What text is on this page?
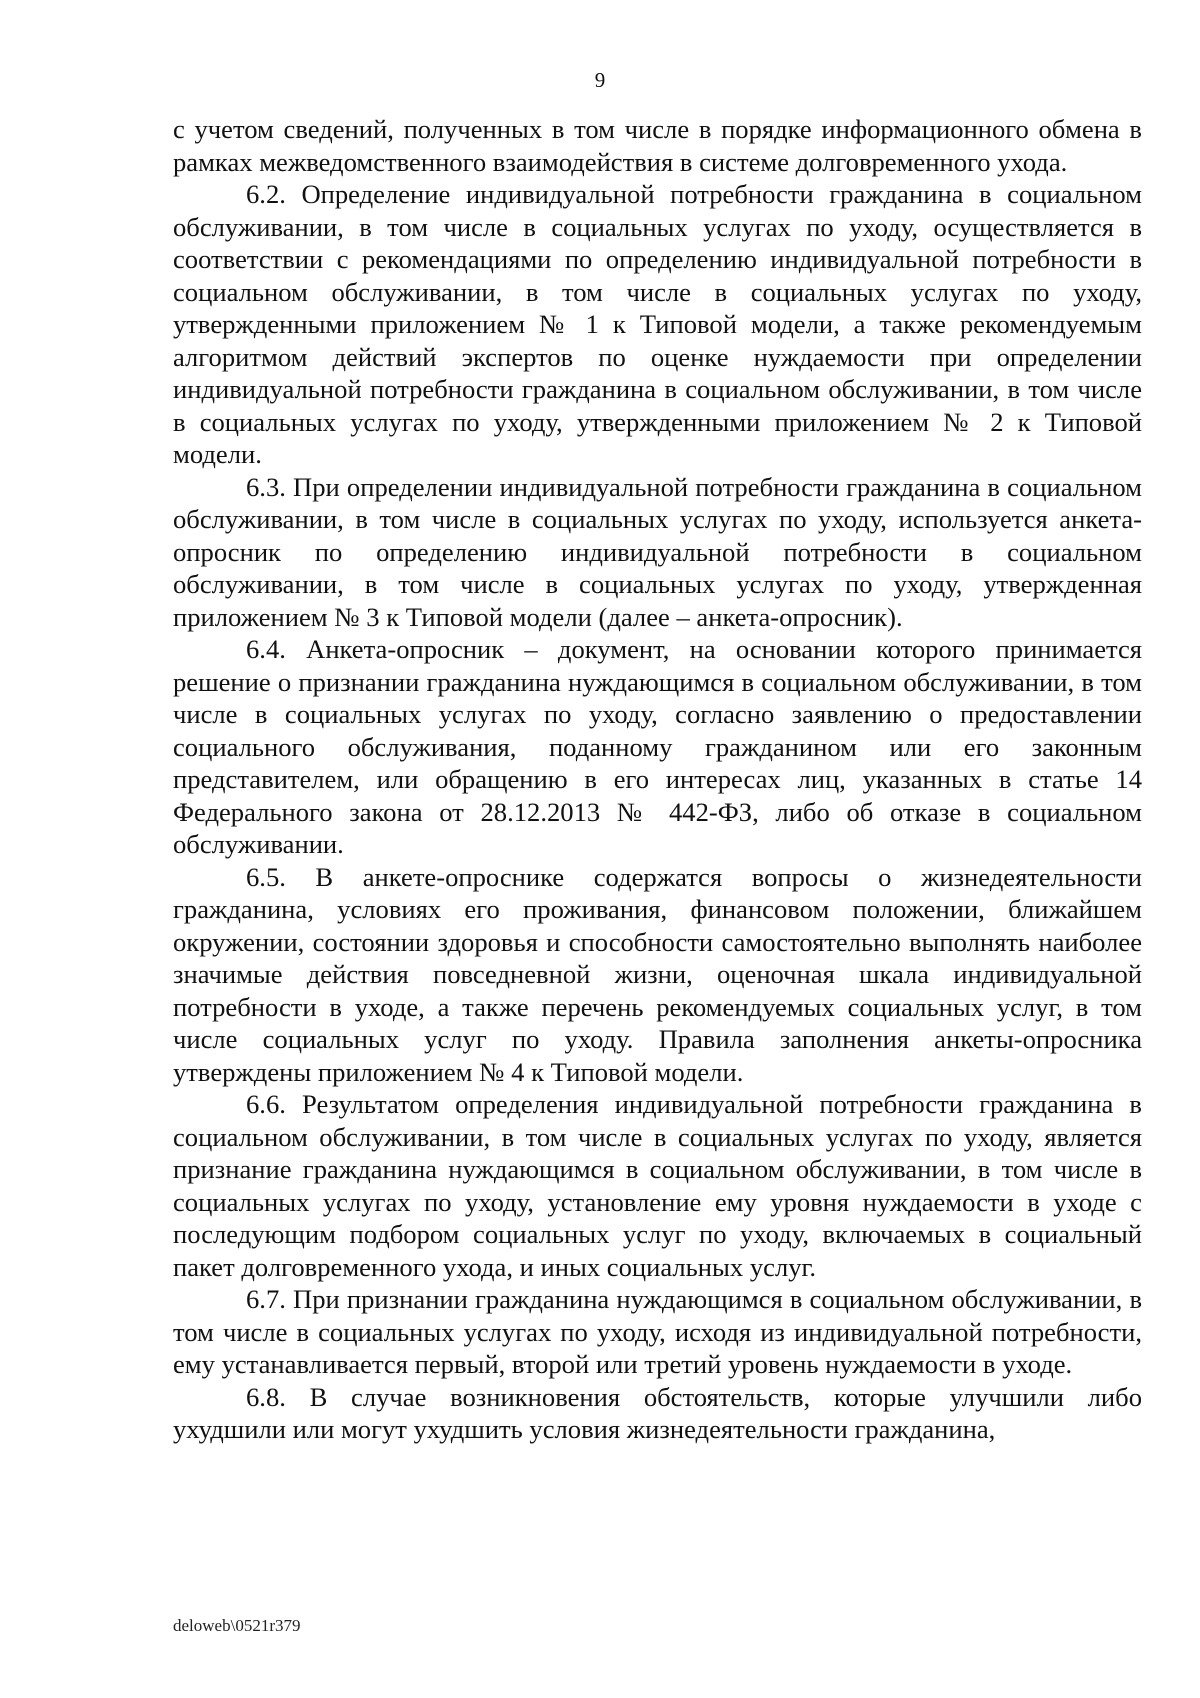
9

с учетом сведений, полученных в том числе в порядке информационного обмена в рамках межведомственного взаимодействия в системе долговременного ухода.

6.2. Определение индивидуальной потребности гражданина в социальном обслуживании, в том числе в социальных услугах по уходу, осуществляется в соответствии с рекомендациями по определению индивидуальной потребности в социальном обслуживании, в том числе в социальных услугах по уходу, утвержденными приложением № 1 к Типовой модели, а также рекомендуемым алгоритмом действий экспертов по оценке нуждаемости при определении индивидуальной потребности гражданина в социальном обслуживании, в том числе в социальных услугах по уходу, утвержденными приложением № 2 к Типовой модели.

6.3. При определении индивидуальной потребности гражданина в социальном обслуживании, в том числе в социальных услугах по уходу, используется анкета-опросник по определению индивидуальной потребности в социальном обслуживании, в том числе в социальных услугах по уходу, утвержденная приложением № 3 к Типовой модели (далее – анкета-опросник).

6.4. Анкета-опросник – документ, на основании которого принимается решение о признании гражданина нуждающимся в социальном обслуживании, в том числе в социальных услугах по уходу, согласно заявлению о предоставлении социального обслуживания, поданному гражданином или его законным представителем, или обращению в его интересах лиц, указанных в статье 14 Федерального закона от 28.12.2013 № 442-ФЗ, либо об отказе в социальном обслуживании.

6.5. В анкете-опроснике содержатся вопросы о жизнедеятельности гражданина, условиях его проживания, финансовом положении, ближайшем окружении, состоянии здоровья и способности самостоятельно выполнять наиболее значимые действия повседневной жизни, оценочная шкала индивидуальной потребности в уходе, а также перечень рекомендуемых социальных услуг, в том числе социальных услуг по уходу. Правила заполнения анкеты-опросника утверждены приложением № 4 к Типовой модели.

6.6. Результатом определения индивидуальной потребности гражданина в социальном обслуживании, в том числе в социальных услугах по уходу, является признание гражданина нуждающимся в социальном обслуживании, в том числе в социальных услугах по уходу, установление ему уровня нуждаемости в уходе с последующим подбором социальных услуг по уходу, включаемых в социальный пакет долговременного ухода, и иных социальных услуг.

6.7. При признании гражданина нуждающимся в социальном обслуживании, в том числе в социальных услугах по уходу, исходя из индивидуальной потребности, ему устанавливается первый, второй или третий уровень нуждаемости в уходе.

6.8. В случае возникновения обстоятельств, которые улучшили либо ухудшили или могут ухудшить условия жизнедеятельности гражданина,

deloweb\0521r379
